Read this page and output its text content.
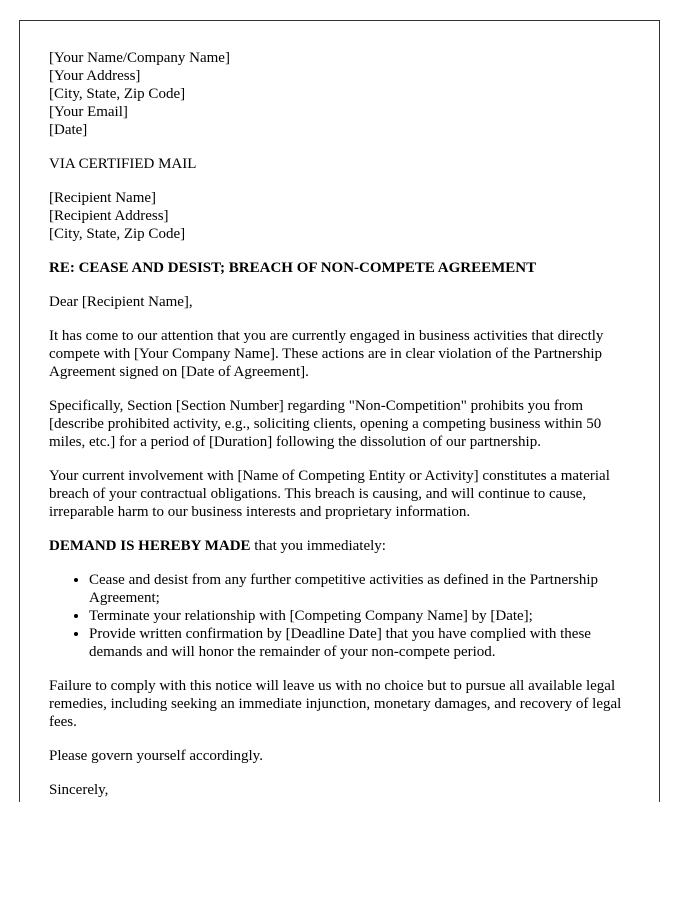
[Your Name/Company Name]
[Your Address]
[City, State, Zip Code]
[Your Email]
[Date]

VIA CERTIFIED MAIL

[Recipient Name]
[Recipient Address]
[City, State, Zip Code]

RE: CEASE AND DESIST; BREACH OF NON-COMPETE AGREEMENT

Dear [Recipient Name],

It has come to our attention that you are currently engaged in business activities that directly compete with [Your Company Name]. These actions are in clear violation of the Partnership Agreement signed on [Date of Agreement].

Specifically, Section [Section Number] regarding "Non-Competition" prohibits you from [describe prohibited activity, e.g., soliciting clients, opening a competing business within 50 miles, etc.] for a period of [Duration] following the dissolution of our partnership.

Your current involvement with [Name of Competing Entity or Activity] constitutes a material breach of your contractual obligations. This breach is causing, and will continue to cause, irreparable harm to our business interests and proprietary information.

DEMAND IS HEREBY MADE that you immediately:

• Cease and desist from any further competitive activities as defined in the Partnership Agreement;
• Terminate your relationship with [Competing Company Name] by [Date];
• Provide written confirmation by [Deadline Date] that you have complied with these demands and will honor the remainder of your non-compete period.

Failure to comply with this notice will leave us with no choice but to pursue all available legal remedies, including seeking an immediate injunction, monetary damages, and recovery of legal fees.

Please govern yourself accordingly.

Sincerely,
